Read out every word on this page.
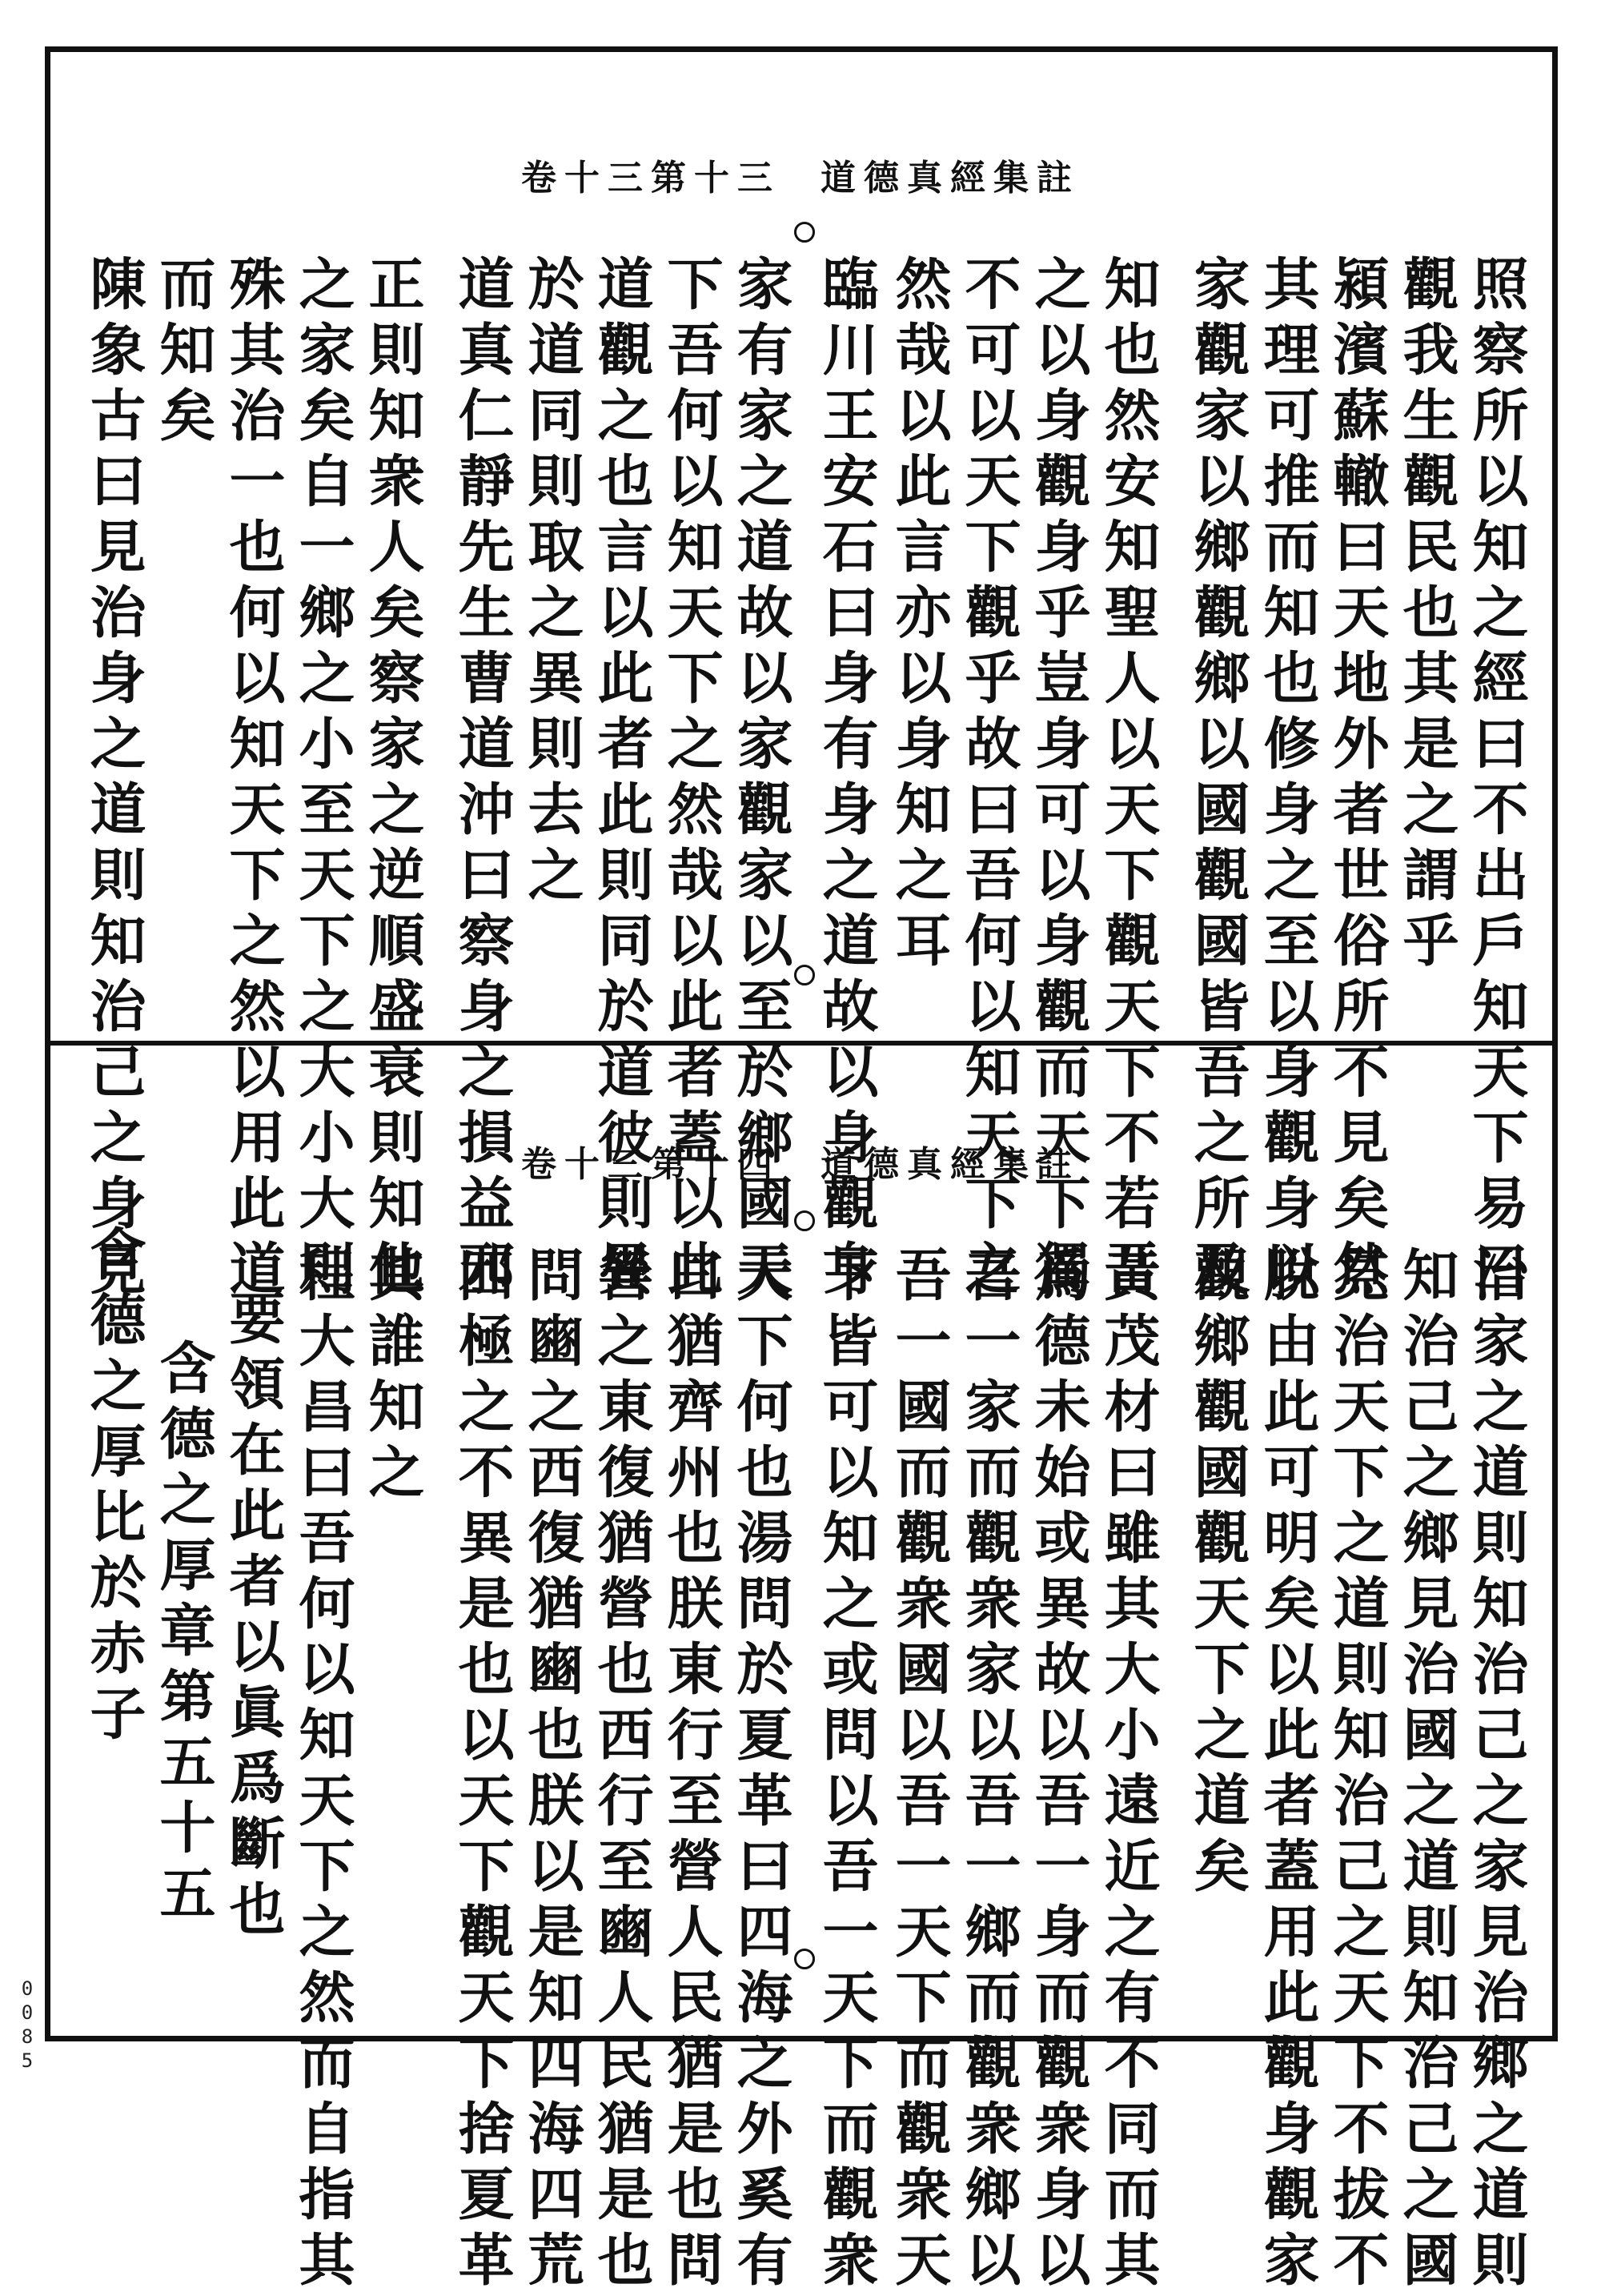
道德真經集註卷十三第十三
照察所以知之經曰不出戶知天下易曰
觀我生觀民也其是之謂乎
潁濱蘇轍曰天地外者世俗所不見矣然
其理可推而知也修身之至以身觀身以
家觀家以鄉觀鄉以國觀國皆吾之所及
知也然安知聖人以天下觀天下不若吾
之以身觀身乎豈身可以身觀而天下獨
不可以天下觀乎故曰吾何以知天下之
然哉以此言亦以身知之耳
臨川王安石曰身有身之道故以身觀身
家有家之道故以家觀家以至於鄉國天
下吾何以知天下之然哉以此者蓋以此
道觀之也言以此者此則同於道彼則異
於道同則取之異則去之
道真仁靜先生曹道沖曰察身之損益邪
正則知衆人矣察家之逆順盛衰則知他
之家矣自一鄉之小至天下之大小大則
殊其治一也何以知天下之然以用此道
而知矣
陳象古曰見治身之道則知治己之身見	道德真經集註卷十三第十四
治家之道則知治己之家見治鄉之道則
知治己之鄉見治國之道則知治己之國
見治天下之道則知治己之天下不拔不
脫由此可明矣以此者蓋用此觀身觀家
觀鄉觀國觀天下之道矣
黃茂材曰雖其大小遠近之有不同而其
爲德未始或異故以吾一身而觀衆身以
吾一家而觀衆家以吾一鄉而觀衆鄉以
吾一國而觀衆國以吾一天下而觀衆天
下皆可以知之或問以吾一天下而觀衆
天下何也湯問於夏革曰四海之外奚有
曰猶齊州也朕東行至營人民猶是也問
營之東復猶營也西行至豳人民猶是也
問豳之西復猶豳也朕以是知四海四荒
四極之不異是也以天下觀天下捨夏革
其誰知之
程大昌曰吾何以知天下之然而自指其
要領在此者以眞爲斷也
含德之厚章第五十五
含德之厚比於赤子
0085
